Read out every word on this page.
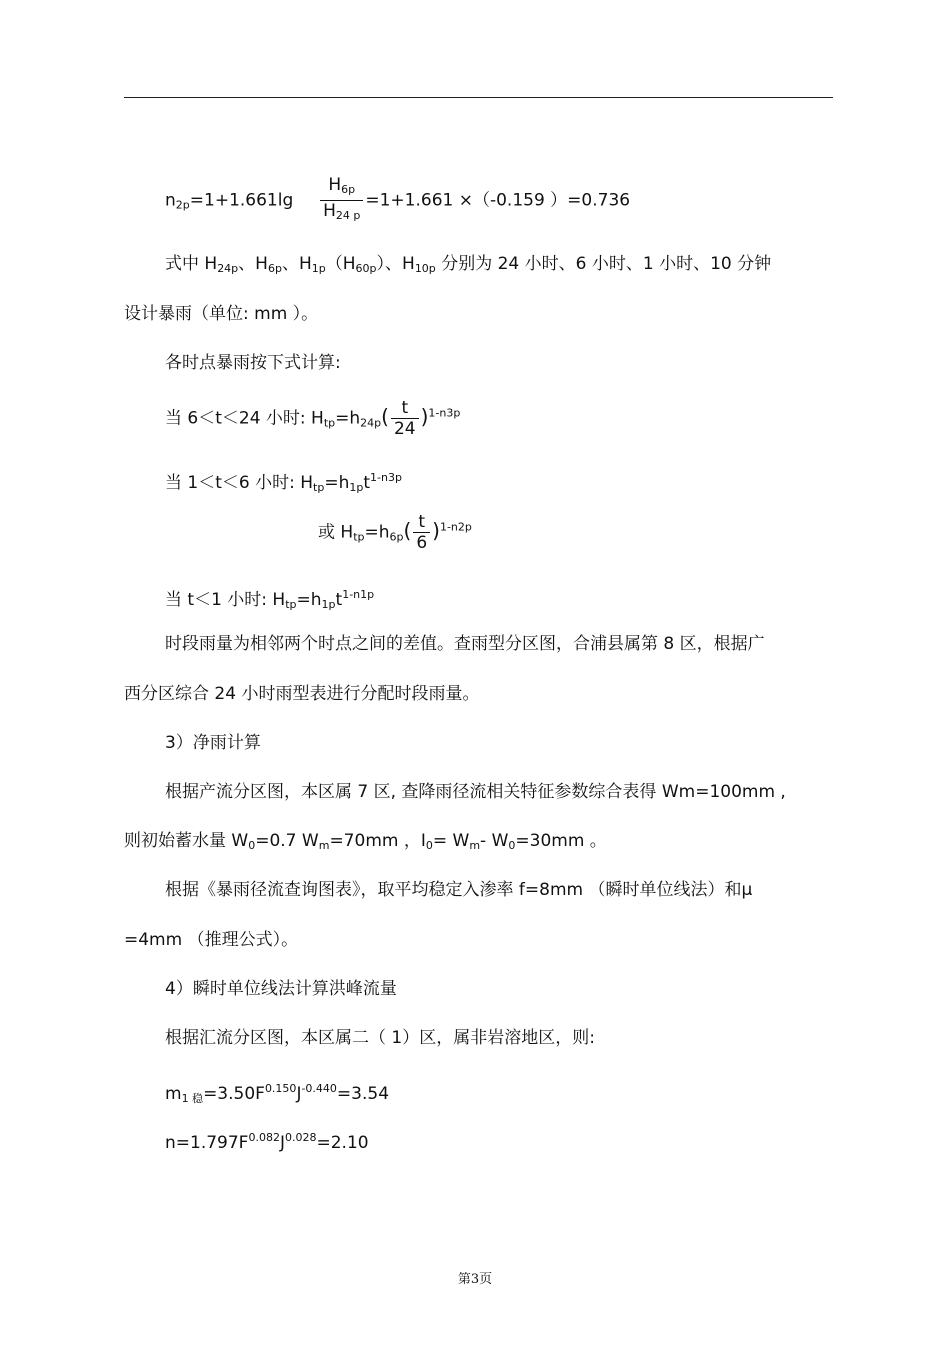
$n_{2p}=1+1.661\lg \frac{H_{6p}}{H_{24 p}} =1+1.661 \times(-0.159$ ）=0.736
式中 $H_{24p}$、$H_{6p}$、$H_{1p}(H_{60p})$、$H_{10p}$ 分别为 24 小时、6 小时、1 小时、10 分钟
设计暴雨（单位: mm ）。
各时点暴雨按下式计算:
当 6＜t＜24 小时: $H_{tp}=h_{24p}( \frac{t}{24} )^{1-n3p}$
当 1＜t＜6 小时: $H_{tp}=h_{1p}t^{1-n3p}$
或 $H_{tp}=h_{6p}( \frac{t}{6} )^{1-n2p}$
当 t＜1 小时: $H_{tp}=h_{1p}t^{1-n1p}$
时段雨量为相邻两个时点之间的差值。查雨型分区图，合浦县属第 8 区，根据广
西分区综合 24 小时雨型表进行分配时段雨量。
3）净雨计算
根据产流分区图，本区属 7 区, 查降雨径流相关特征参数综合表得 Wm=100mm ,
则初始蓄水量 $W_0=0.7$ $W_m=70mm$ ，$I_0= W_m-$ $W_0=30mm$ 。
根据《暴雨径流查询图表》，取平均稳定入渗率 f=8mm （瞬时单位线法）和μ
=4mm （推理公式）。
4）瞬时单位线法计算洪峰流量
根据汇流分区图，本区属二（ 1）区，属非岩溶地区，则:
$m_{1 稳}=3.50F^{0.150}J^{-0.440}=3.54$
$n=1.797F^{0.082}J^{0.028}=2.10$
第3页
